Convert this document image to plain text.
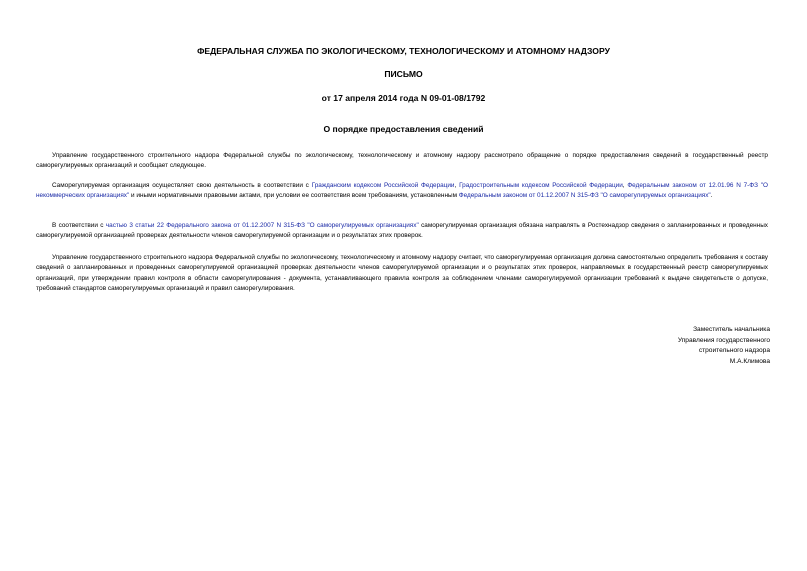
ФЕДЕРАЛЬНАЯ СЛУЖБА ПО ЭКОЛОГИЧЕСКОМУ, ТЕХНОЛОГИЧЕСКОМУ И АТОМНОМУ НАДЗОРУ
ПИСЬМО
от 17 апреля 2014 года N 09-01-08/1792
О порядке предоставления сведений
Управление государственного строительного надзора Федеральной службы по экологическому, технологическому и атомному надзору рассмотрело обращение о порядке предоставления сведений в государственный реестр саморегулируемых организаций и сообщает следующее.
Саморегулируемая организация осуществляет свою деятельность в соответствии с Гражданским кодексом Российской Федерации, Градостроительным кодексом Российской Федерации, Федеральным законом от 12.01.96 N 7-ФЗ "О некоммерческих организациях" и иными нормативными правовыми актами, при условии ее соответствия всем требованиям, установленным Федеральным законом от 01.12.2007 N 315-ФЗ "О саморегулируемых организациях".
В соответствии с частью 3 статьи 22 Федерального закона от 01.12.2007 N 315-ФЗ "О саморегулируемых организациях" саморегулируемая организация обязана направлять в Ростехнадзор сведения о запланированных и проведенных саморегулируемой организацией проверках деятельности членов саморегулируемой организации и о результатах этих проверок.
Управление государственного строительного надзора Федеральной службы по экологическому, технологическому и атомному надзору считает, что саморегулируемая организация должна самостоятельно определить требования к составу сведений о запланированных и проведенных саморегулируемой организацией проверках деятельности членов саморегулируемой организации и о результатах этих проверок, направляемых в государственный реестр саморегулируемых организаций, при утверждении правил контроля в области саморегулирования - документа, устанавливающего правила контроля за соблюдением членами саморегулируемой организации требований к выдаче свидетельств о допуске, требований стандартов саморегулируемых организаций и правил саморегулирования.
Заместитель начальника
Управления государственного
строительного надзора
М.А.Климова
